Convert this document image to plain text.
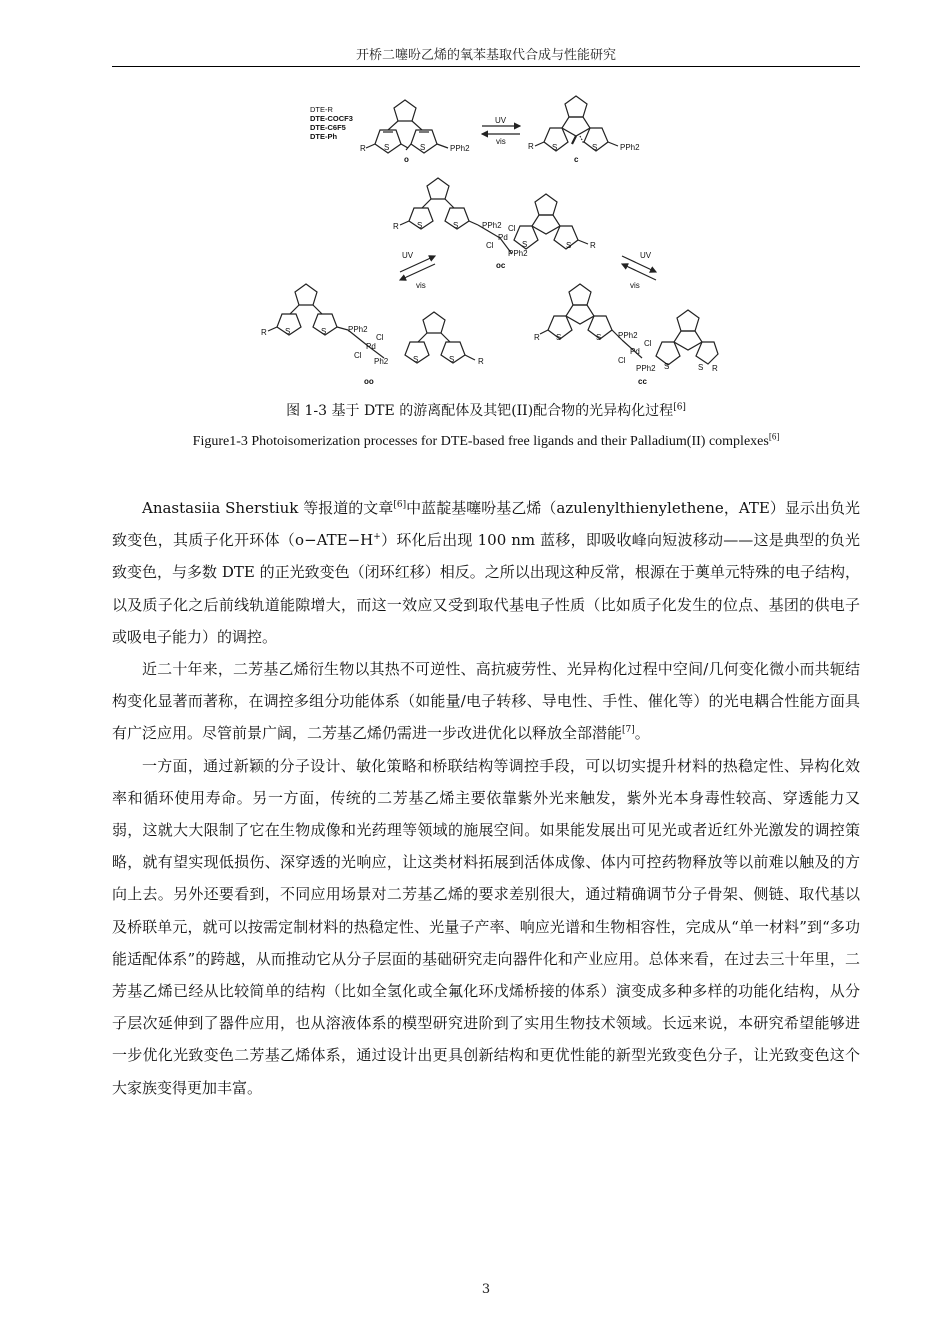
开桥二噻吩乙烯的氧苯基取代合成与性能研究
DTE-R
DTE-COCF3
DTE-C6F5
DTE-Ph
R S	S	PPh2
o
UV
vis
R S	S	PPh2
c
R S	S	PPh2 Cl
Pd
Cl
PPh2
S	S R
oc
UV
vis
UV
vis
R S	S	PPh2
Cl
Pd
Cl
Ph2	S	S	R
oo
R S	S PPh2
Cl
Pd
Cl
PPh2 S	S R
cc
图 1-3 基于 DTE 的游离配体及其钯(II)配合物的光异构化过程[6]
Figure1-3 Photoisomerization processes for DTE-based free ligands and their Palladium(II) complexes[6]

Anastasiia Sherstiuk 等报道的文章[6]中蓝靛基噻吩基乙烯（azulenylthienylethene，ATE）显示出负光致变色，其质子化开环体（o−ATE−H+）环化后出现 100 nm 蓝移，即吸收峰向短波移动——这是典型的负光致变色，与多数 DTE 的正光致变色（闭环红移）相反。之所以出现这种反常，根源在于薁单元特殊的电子结构，以及质子化之后前线轨道能隙增大，而这一效应又受到取代基电子性质（比如质子化发生的位点、基团的供电子或吸电子能力）的调控。

近二十年来，二芳基乙烯衍生物以其热不可逆性、高抗疲劳性、光异构化过程中空间/几何变化微小而共轭结构变化显著而著称，在调控多组分功能体系（如能量/电子转移、导电性、手性、催化等）的光电耦合性能方面具有广泛应用。尽管前景广阔，二芳基乙烯仍需进一步改进优化以释放全部潜能[7]。

一方面，通过新颖的分子设计、敏化策略和桥联结构等调控手段，可以切实提升材料的热稳定性、异构化效率和循环使用寿命。另一方面，传统的二芳基乙烯主要依靠紫外光来触发，紫外光本身毒性较高、穿透能力又弱，这就大大限制了它在生物成像和光药理等领域的施展空间。如果能发展出可见光或者近红外光激发的调控策略，就有望实现低损伤、深穿透的光响应，让这类材料拓展到活体成像、体内可控药物释放等以前难以触及的方向上去。另外还要看到，不同应用场景对二芳基乙烯的要求差别很大，通过精确调节分子骨架、侧链、取代基以及桥联单元，就可以按需定制材料的热稳定性、光量子产率、响应光谱和生物相容性，完成从“单一材料”到“多功能适配体系”的跨越，从而推动它从分子层面的基础研究走向器件化和产业应用。总体来看，在过去三十年里，二芳基乙烯已经从比较简单的结构（比如全氢化或全氟化环戊烯桥接的体系）演变成多种多样的功能化结构，从分子层次延伸到了器件应用，也从溶液体系的模型研究进阶到了实用生物技术领域。长远来说，本研究希望能够进一步优化光致变色二芳基乙烯体系，通过设计出更具创新结构和更优性能的新型光致变色分子，让光致变色这个大家族变得更加丰富。

3
